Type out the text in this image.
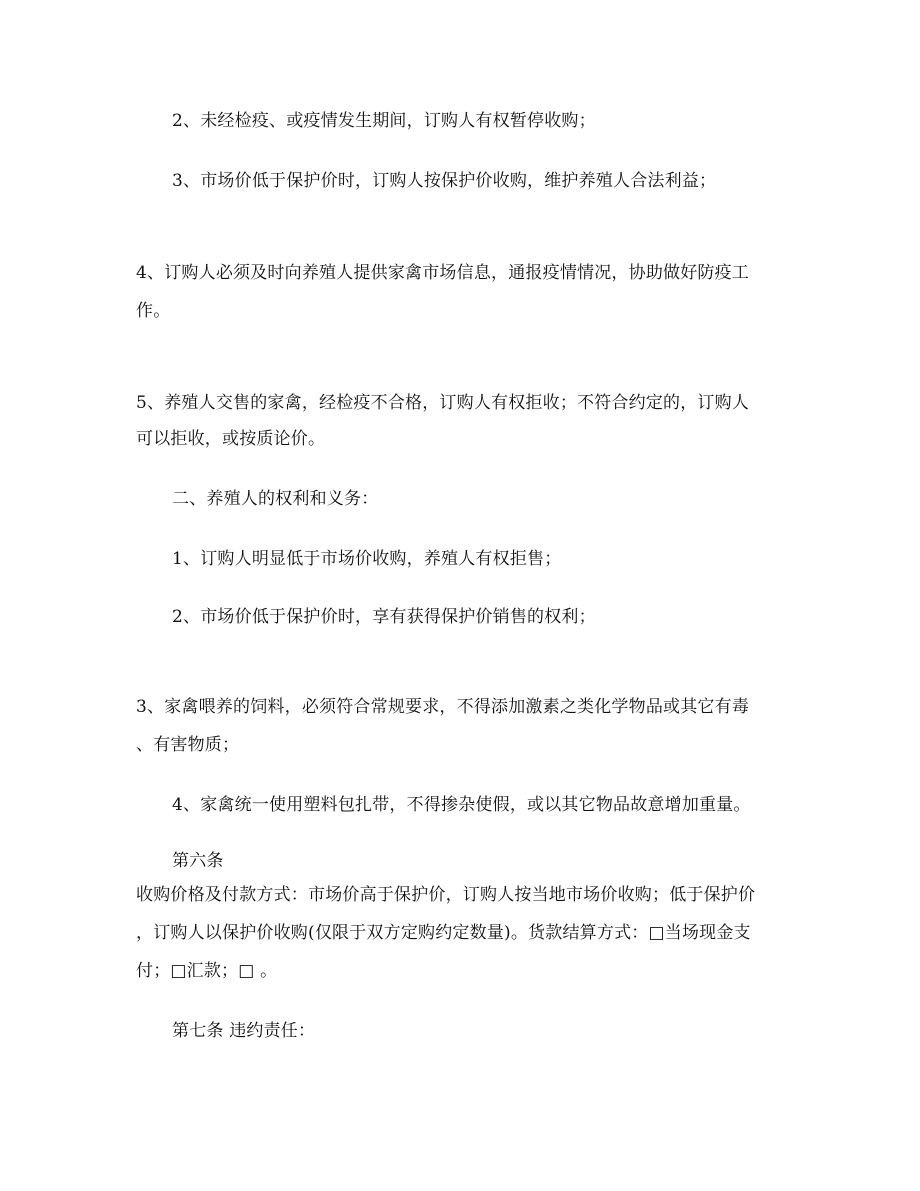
2、未经检疫、或疫情发生期间，订购人有权暂停收购；
3、市场价低于保护价时，订购人按保护价收购，维护养殖人合法利益；
4、订购人必须及时向养殖人提供家禽市场信息，通报疫情情况，协助做好防疫工
作。
5、养殖人交售的家禽，经检疫不合格，订购人有权拒收；不符合约定的，订购人
可以拒收，或按质论价。
二、养殖人的权利和义务：
1、订购人明显低于市场价收购，养殖人有权拒售；
2、市场价低于保护价时，享有获得保护价销售的权利；
3、家禽喂养的饲料，必须符合常规要求，不得添加激素之类化学物品或其它有毒
、有害物质；
4、家禽统一使用塑料包扎带，不得掺杂使假，或以其它物品故意增加重量。
第六条
收购价格及付款方式：市场价高于保护价，订购人按当地市场价收购；低于保护价
，订购人以保护价收购(仅限于双方定购约定数量)。货款结算方式：□当场现金支
付；□汇款；□ 。
第七条 违约责任：
